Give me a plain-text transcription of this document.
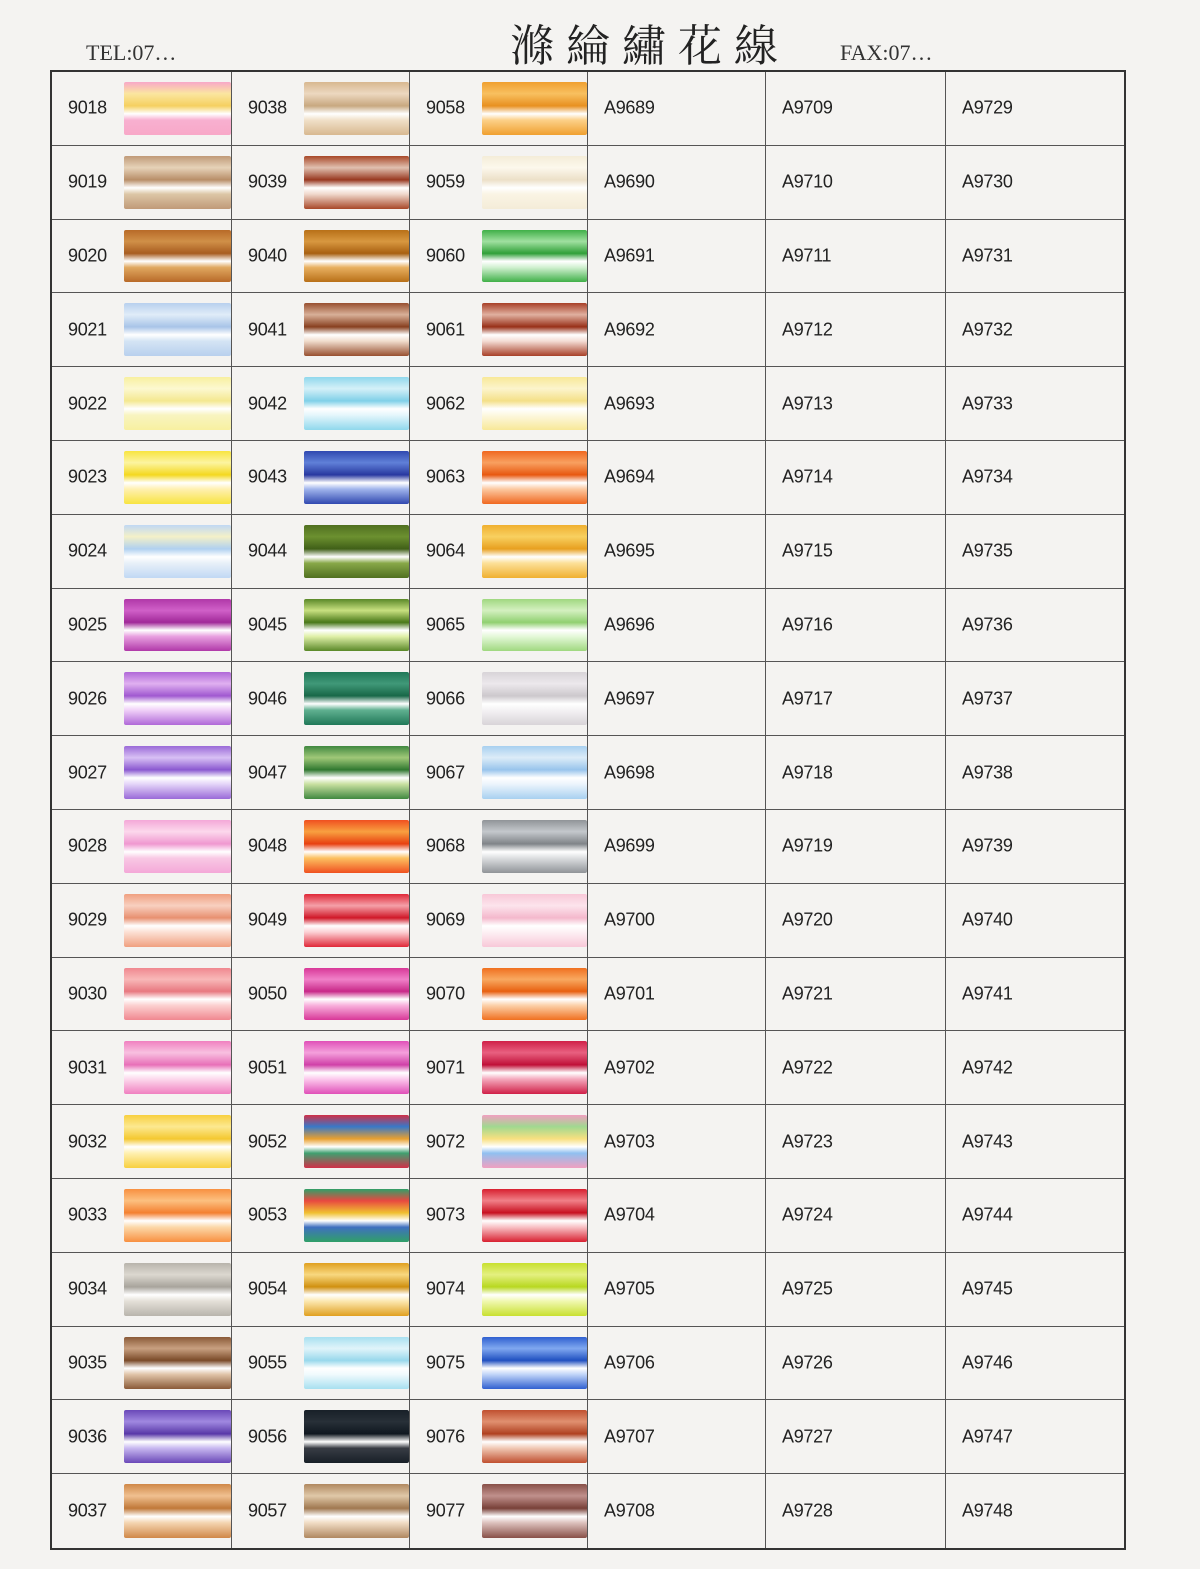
TEL:07…	滌綸繡花線 FAX:07…
9018	9038	9058	A9689	A9709	A9729
9019	9039	9059	A9690	A9710	A9730
9020	9040	9060	A9691	A9711	A9731
9021	9041	9061	A9692	A9712	A9732
9022	9042	9062	A9693	A9713	A9733
9023	9043	9063	A9694	A9714	A9734
9024	9044	9064	A9695	A9715	A9735
9025	9045	9065	A9696	A9716	A9736
9026	9046	9066	A9697	A9717	A9737
9027	9047	9067	A9698	A9718	A9738
9028	9048	9068	A9699	A9719	A9739
9029	9049	9069	A9700	A9720	A9740
9030	9050	9070	A9701	A9721	A9741
9031	9051	9071	A9702	A9722	A9742
9032	9052	9072	A9703	A9723	A9743
9033	9053	9073	A9704	A9724	A9744
9034	9054	9074	A9705	A9725	A9745
9035	9055	9075	A9706	A9726	A9746
9036	9056	9076	A9707	A9727	A9747
9037	9057	9077	A9708	A9728	A9748
